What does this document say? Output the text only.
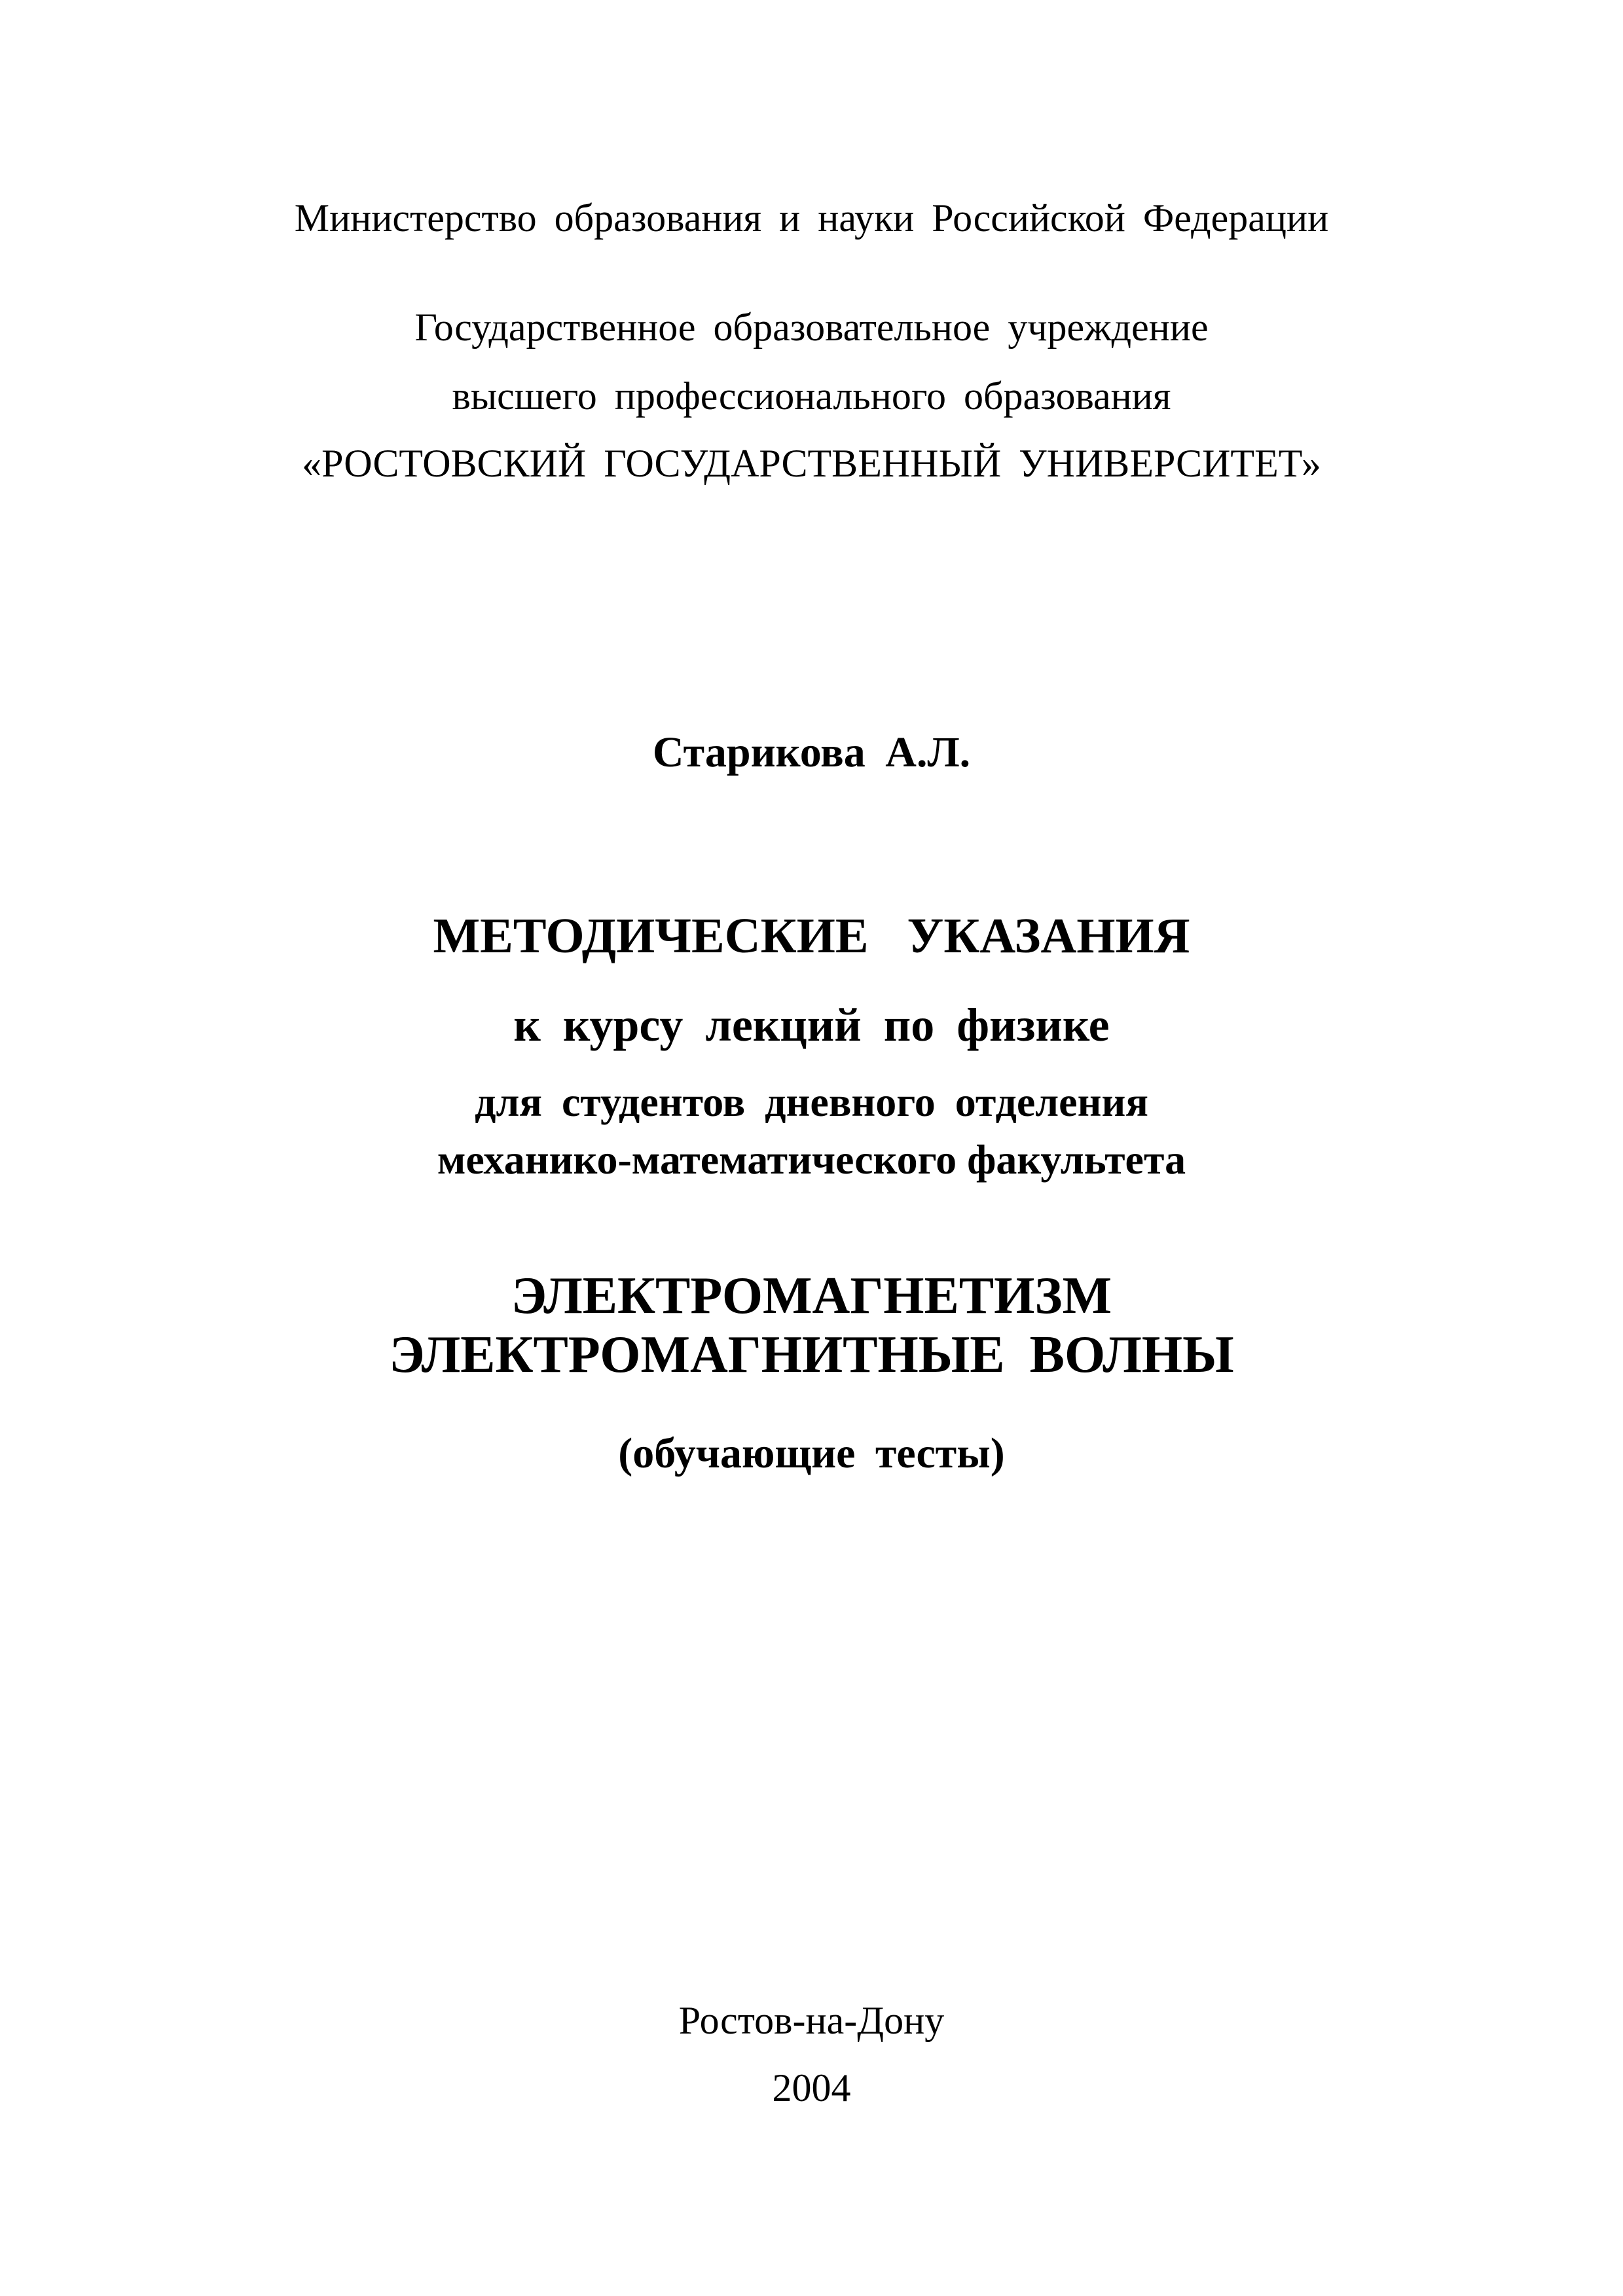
Министерство образования и науки Российской Федерации
Государственное образовательное учреждение
высшего профессионального образования
«РОСТОВСКИЙ ГОСУДАРСТВЕННЫЙ УНИВЕРСИТЕТ»
Старикова А.Л.
МЕТОДИЧЕСКИЕ УКАЗАНИЯ
к курсу лекций по физике
для студентов дневного отделения
механико-математического факультета
ЭЛЕКТРОМАГНЕТИЗМ
ЭЛЕКТРОМАГНИТНЫЕ ВОЛНЫ
(обучающие тесты)
Ростов-на-Дону
2004
